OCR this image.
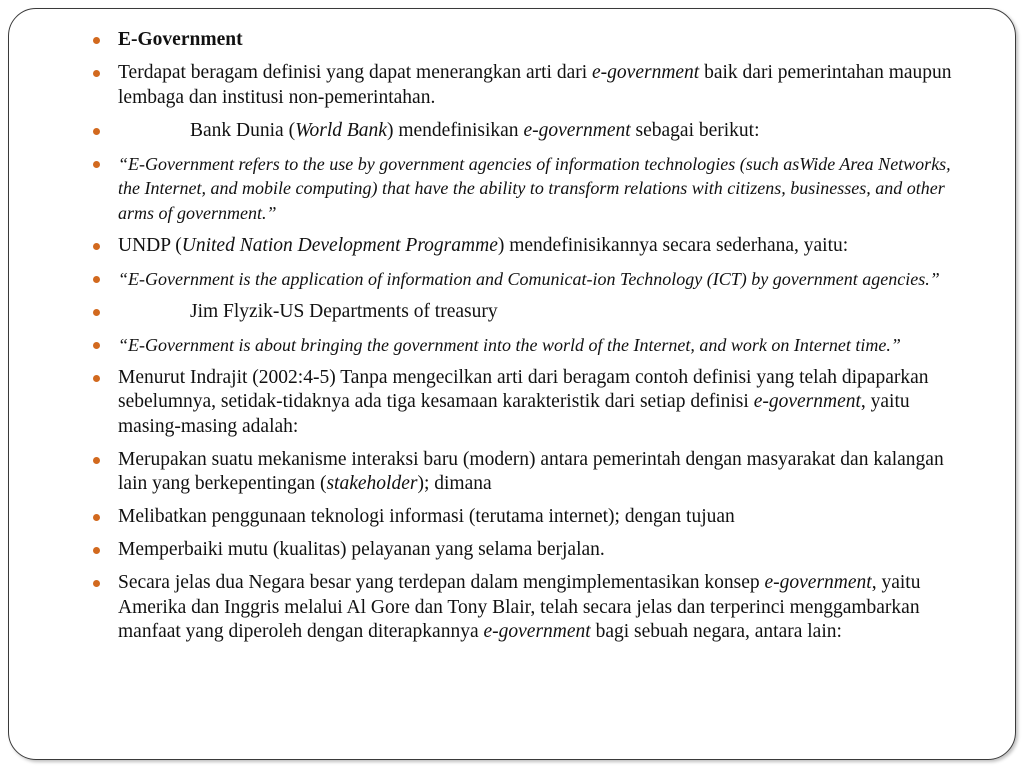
E-Government
Terdapat beragam definisi yang dapat menerangkan arti dari e-government baik dari pemerintahan maupun lembaga dan institusi non-pemerintahan.
Bank Dunia (World Bank) mendefinisikan e-government sebagai berikut:
“E-Government refers to the use by government agencies of information technologies (such asWide Area Networks, the Internet, and mobile computing) that have the ability to transform relations with citizens, businesses, and other arms of government.”
UNDP (United Nation Development Programme) mendefinisikannya secara sederhana, yaitu:
“E-Government is the application of information and Comunicat-ion Technology (ICT) by government agencies.”
Jim Flyzik-US Departments of treasury
“E-Government is about bringing the government into the world of the Internet, and work on Internet time.”
Menurut Indrajit (2002:4-5) Tanpa mengecilkan arti dari beragam contoh definisi yang telah dipaparkan sebelumnya, setidak-tidaknya ada tiga kesamaan karakteristik dari setiap definisi e-government, yaitu masing-masing adalah:
Merupakan suatu mekanisme interaksi baru (modern) antara pemerintah dengan masyarakat dan kalangan lain yang berkepentingan (stakeholder); dimana
Melibatkan penggunaan teknologi informasi (terutama internet); dengan tujuan
Memperbaiki mutu (kualitas) pelayanan yang selama berjalan.
Secara jelas dua Negara besar yang terdepan dalam mengimplementasikan konsep e-government, yaitu Amerika dan Inggris melalui Al Gore dan Tony Blair, telah secara jelas dan terperinci menggambarkan manfaat yang diperoleh dengan diterapkannya e-government bagi sebuah negara, antara lain:
